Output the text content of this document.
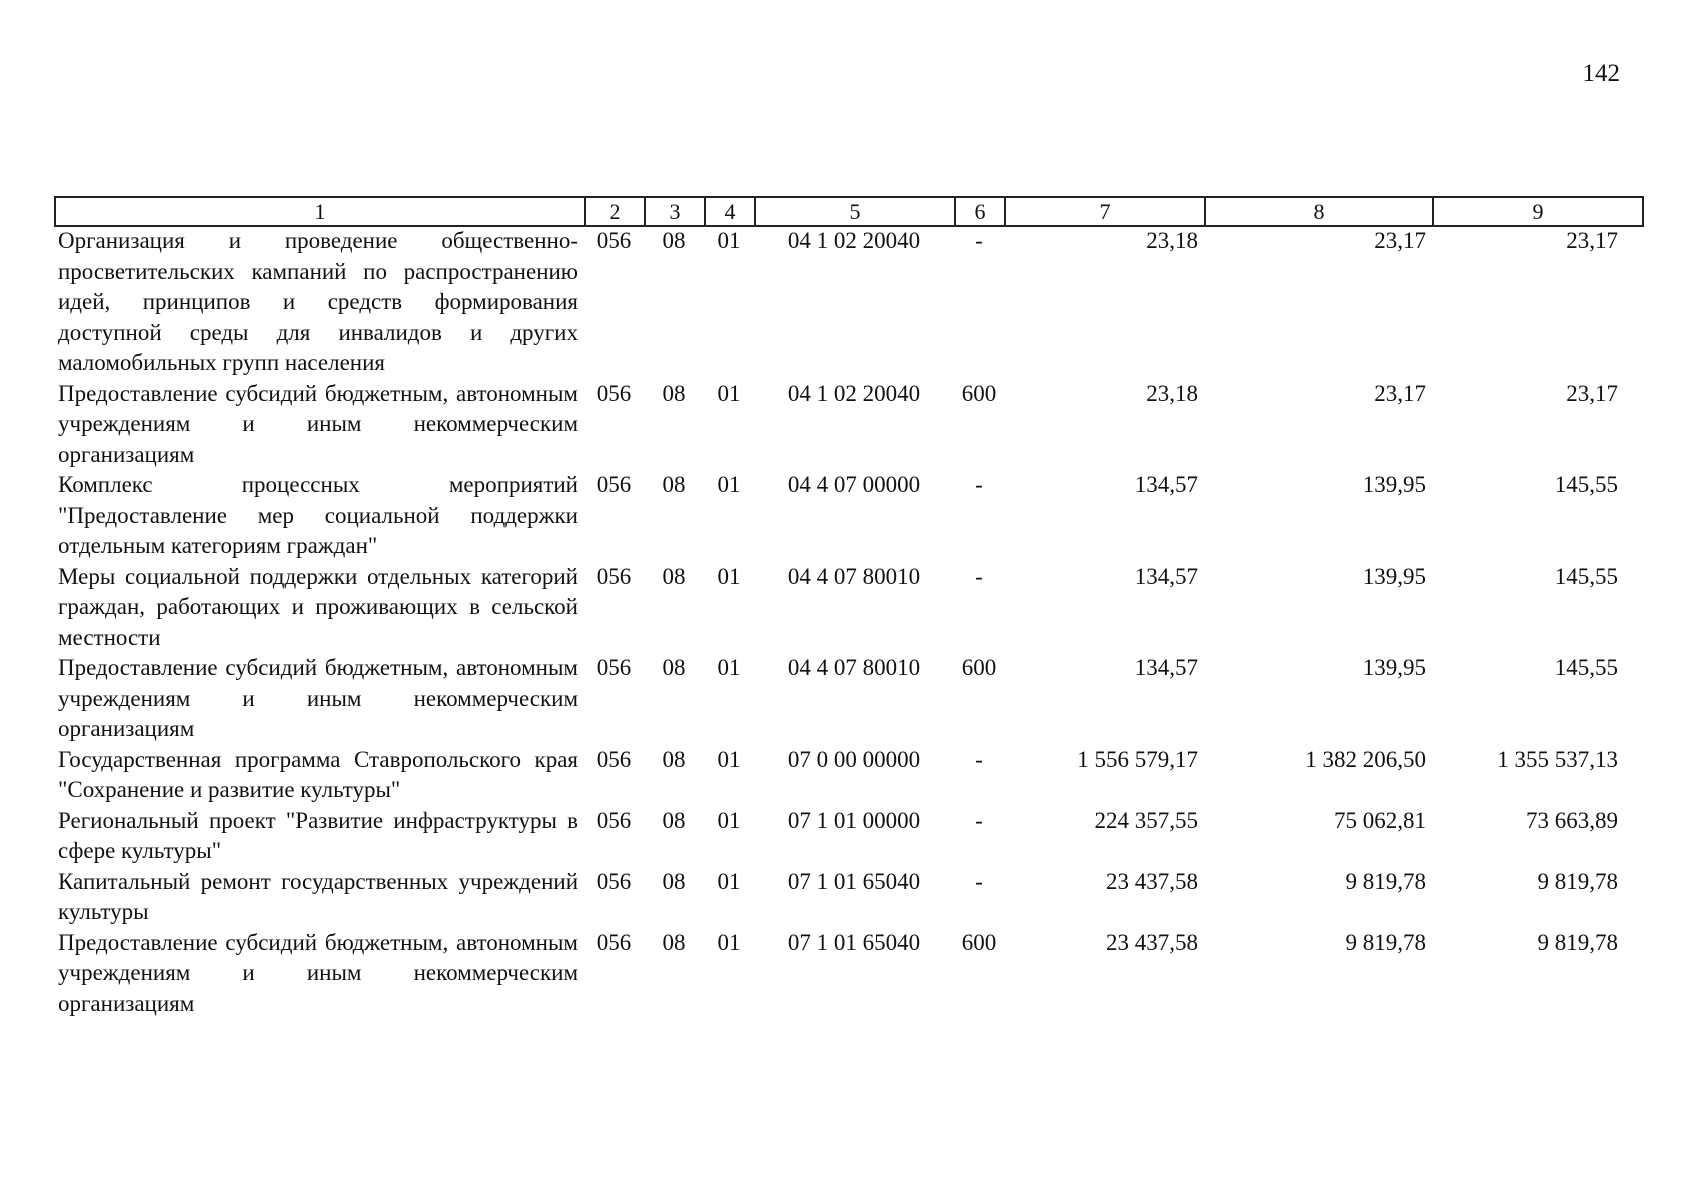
142
1	2	3	4	5	6	7	8	9
Организация и проведение общественно-просветительских кампаний по распространению идей, принципов и средств формирования доступной среды для инвалидов и других маломобильных групп населения	056	08	01	04 1 02 20040	-	23,18	23,17	23,17
Предоставление субсидий бюджетным, автономным учреждениям и иным некоммерческим организациям	056	08	01	04 1 02 20040	600	23,18	23,17	23,17
Комплекс процессных мероприятий "Предоставление мер социальной поддержки отдельным категориям граждан"	056	08	01	04 4 07 00000	-	134,57	139,95	145,55
Меры социальной поддержки отдельных категорий граждан, работающих и проживающих в сельской местности	056	08	01	04 4 07 80010	-	134,57	139,95	145,55
Предоставление субсидий бюджетным, автономным учреждениям и иным некоммерческим организациям	056	08	01	04 4 07 80010	600	134,57	139,95	145,55
Государственная программа Ставропольского края "Сохранение и развитие культуры"	056	08	01	07 0 00 00000	-	1 556 579,17	1 382 206,50	1 355 537,13
Региональный проект "Развитие инфраструктуры в сфере культуры"	056	08	01	07 1 01 00000	-	224 357,55	75 062,81	73 663,89
Капитальный ремонт государственных учреждений культуры	056	08	01	07 1 01 65040	-	23 437,58	9 819,78	9 819,78
Предоставление субсидий бюджетным, автономным учреждениям и иным некоммерческим организациям	056	08	01	07 1 01 65040	600	23 437,58	9 819,78	9 819,78
